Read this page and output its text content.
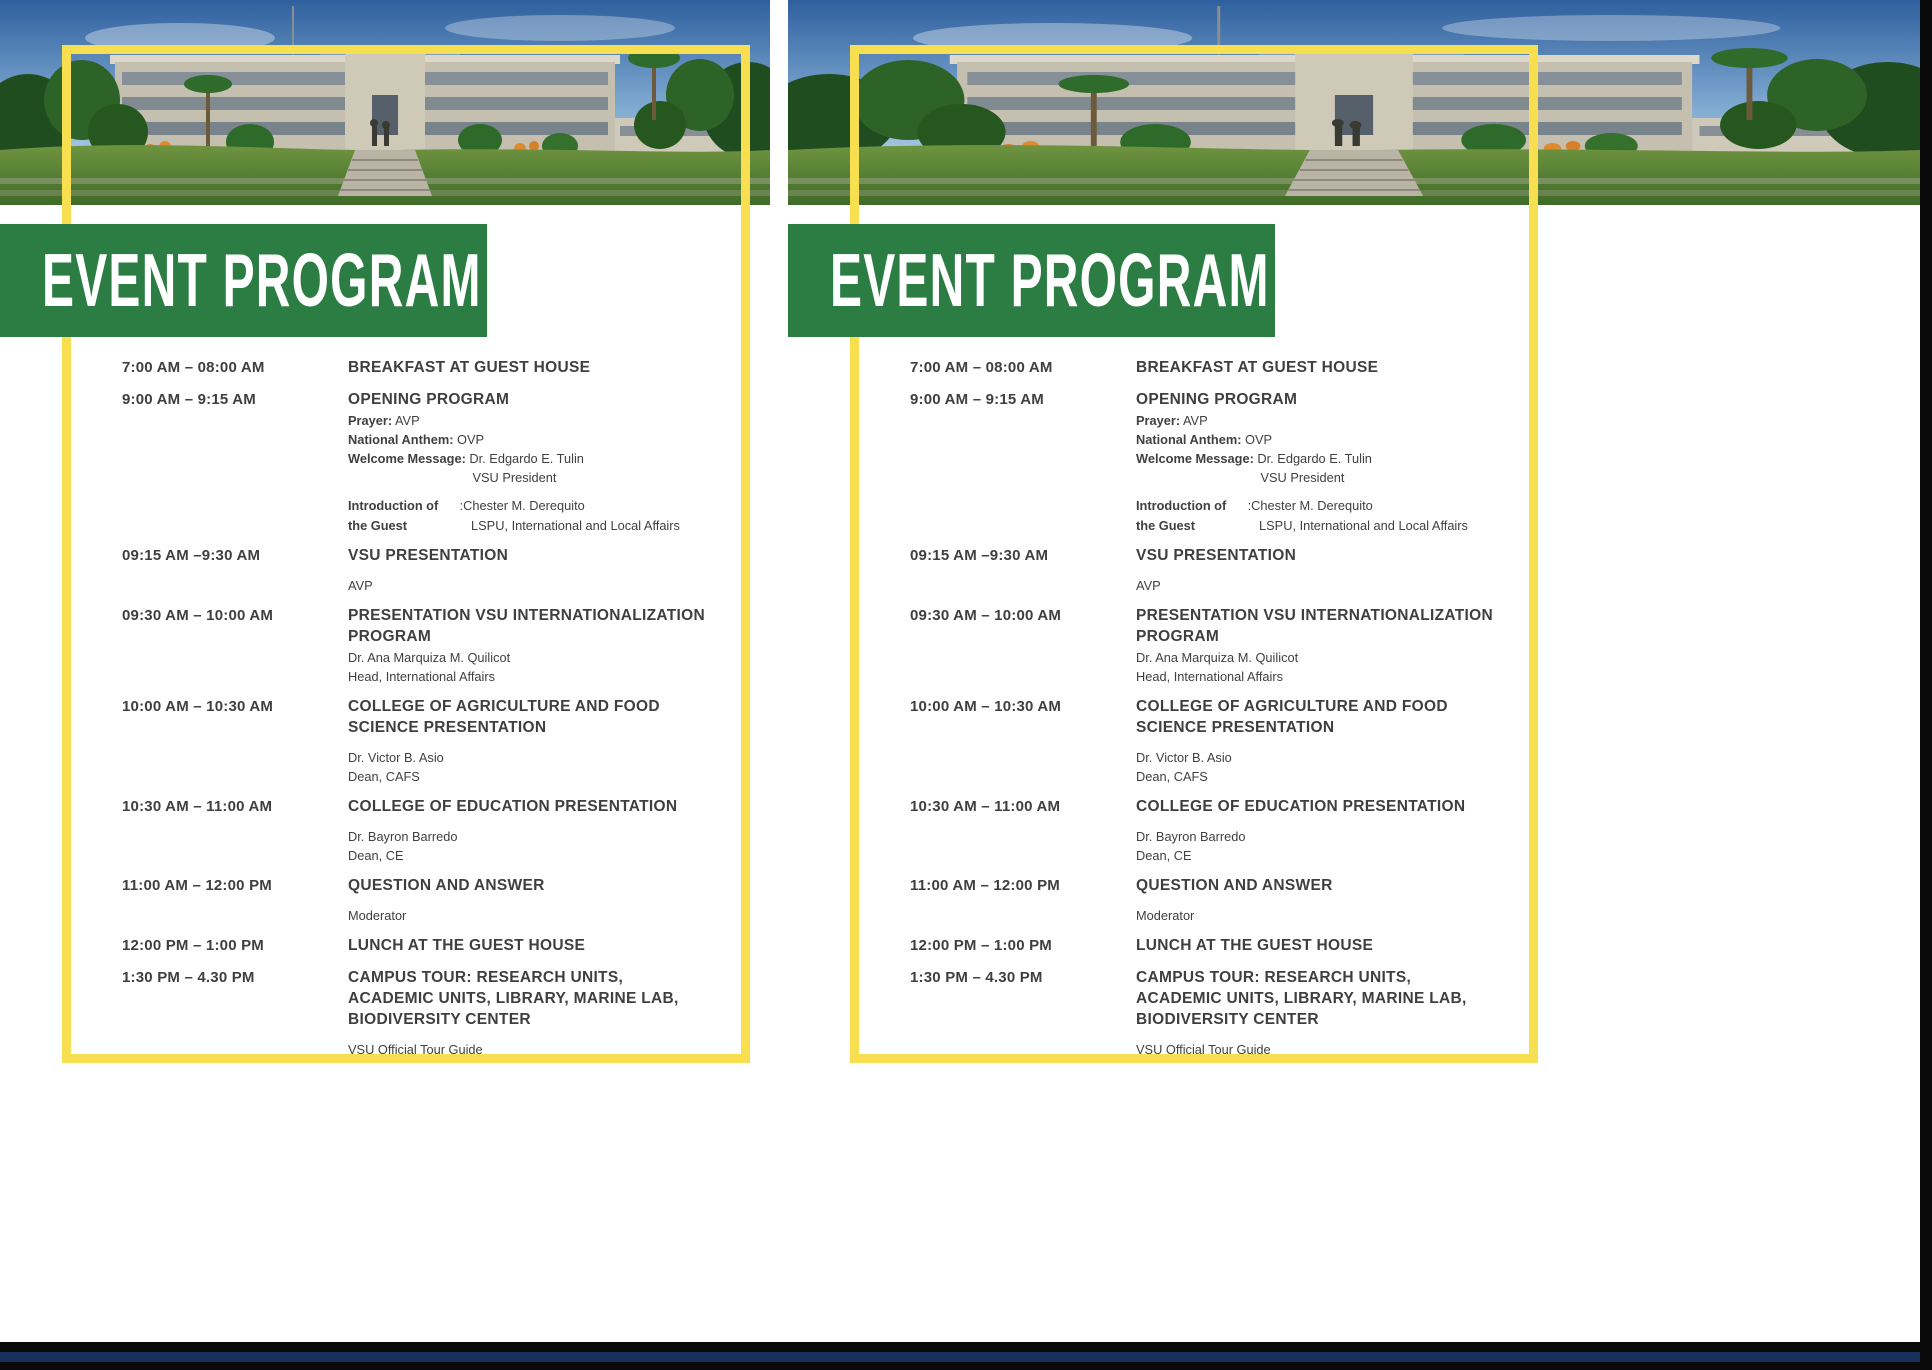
EVENT PROGRAM
7:00 AM – 08:00 AM	BREAKFAST AT GUEST HOUSE
9:00 AM – 9:15 AM	OPENING PROGRAM
Prayer: AVP
National Anthem: OVP
Welcome Message: Dr. Edgardo E. Tulin
VSU President
Introduction of      :Chester M. Derequito
the Guest                  LSPU, International and Local Affairs
09:15 AM –9:30 AM	VSU PRESENTATION
AVP
09:30 AM – 10:00 AM	PRESENTATION VSU INTERNATIONALIZATION PROGRAM
Dr. Ana Marquiza M. Quilicot
Head, International Affairs
10:00 AM – 10:30 AM	COLLEGE OF AGRICULTURE AND FOOD SCIENCE PRESENTATION
Dr. Victor B. Asio
Dean, CAFS
10:30 AM – 11:00 AM	COLLEGE OF EDUCATION PRESENTATION
Dr. Bayron Barredo
Dean, CE
11:00 AM – 12:00 PM	QUESTION AND ANSWER
Moderator
12:00 PM – 1:00 PM	LUNCH AT THE GUEST HOUSE
1:30 PM – 4.30 PM	CAMPUS TOUR: RESEARCH UNITS, ACADEMIC UNITS, LIBRARY, MARINE LAB, BIODIVERSITY CENTER
VSU Official Tour Guide
EVENT PROGRAM
7:00 AM – 08:00 AM	BREAKFAST AT GUEST HOUSE
9:00 AM – 9:15 AM	OPENING PROGRAM
Prayer: AVP
National Anthem: OVP
Welcome Message: Dr. Edgardo E. Tulin
VSU President
Introduction of      :Chester M. Derequito
the Guest                  LSPU, International and Local Affairs
09:15 AM –9:30 AM	VSU PRESENTATION
AVP
09:30 AM – 10:00 AM	PRESENTATION VSU INTERNATIONALIZATION PROGRAM
Dr. Ana Marquiza M. Quilicot
Head, International Affairs
10:00 AM – 10:30 AM	COLLEGE OF AGRICULTURE AND FOOD SCIENCE PRESENTATION
Dr. Victor B. Asio
Dean, CAFS
10:30 AM – 11:00 AM	COLLEGE OF EDUCATION PRESENTATION
Dr. Bayron Barredo
Dean, CE
11:00 AM – 12:00 PM	QUESTION AND ANSWER
Moderator
12:00 PM – 1:00 PM	LUNCH AT THE GUEST HOUSE
1:30 PM – 4.30 PM	CAMPUS TOUR: RESEARCH UNITS, ACADEMIC UNITS, LIBRARY, MARINE LAB, BIODIVERSITY CENTER
VSU Official Tour Guide
